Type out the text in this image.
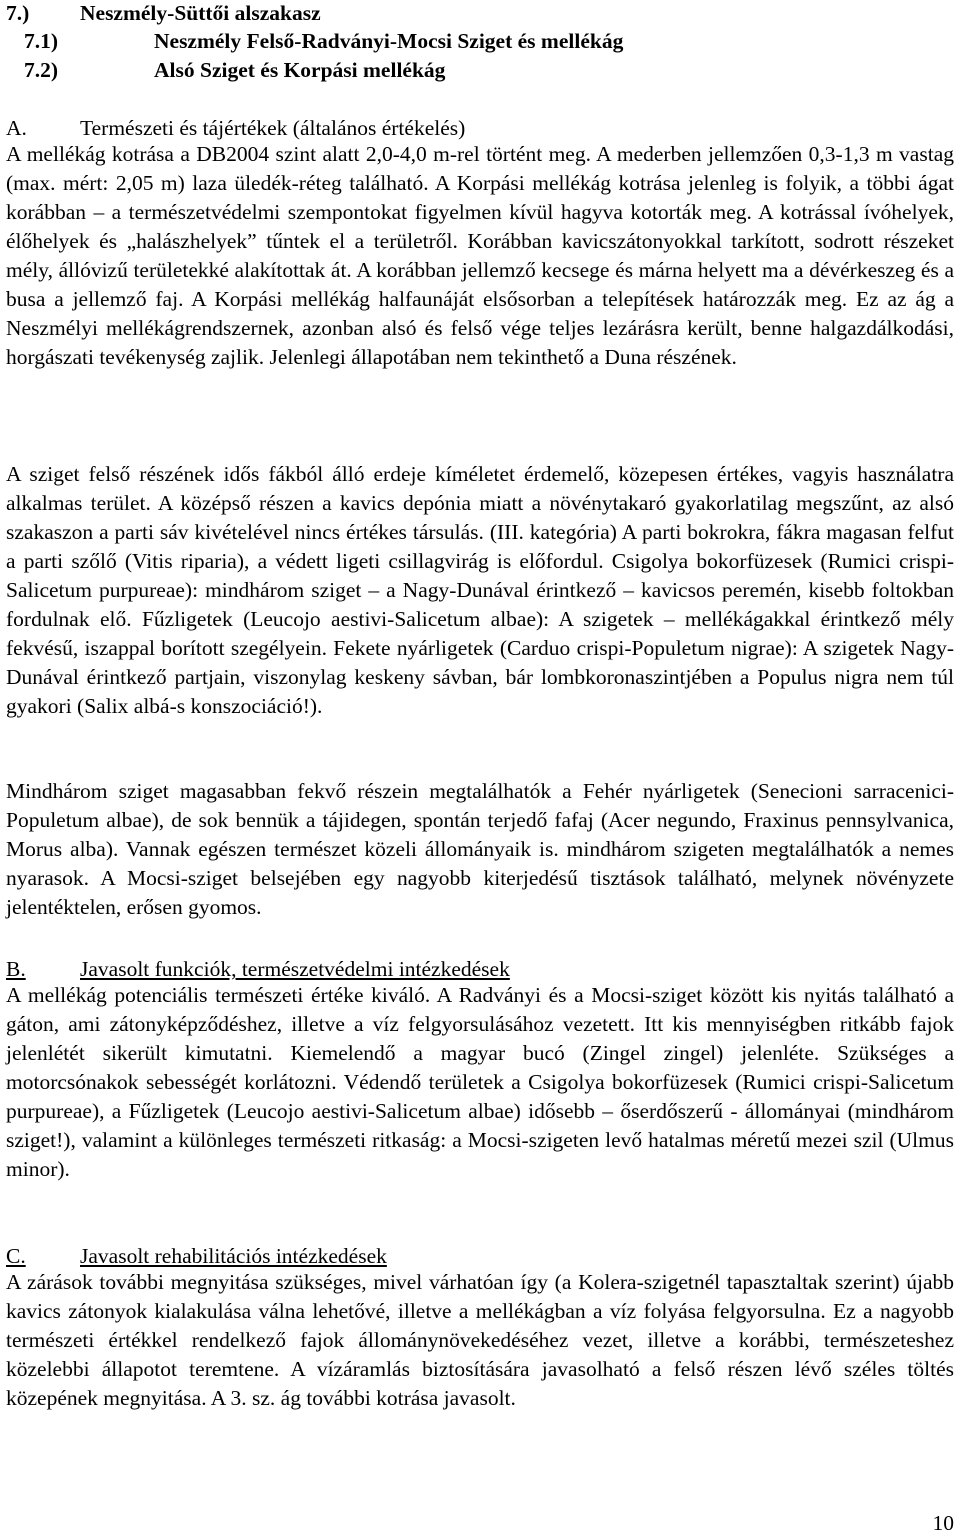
7.) Neszmély-Süttői alszakasz
7.1)	Neszmély Felső-Radványi-Mocsi Sziget és mellékág
7.2)	Alsó Sziget és Korpási mellékág
A. Természeti és tájértékek (általános értékelés)

A mellékág kotrása a DB2004 szint alatt 2,0-4,0 m-rel történt meg. A mederben jellemzően 0,3-1,3 m vastag (max. mért: 2,05 m) laza üledék-réteg található. A Korpási mellékág kotrása jelenleg is folyik, a többi ágat korábban – a természetvédelmi szempontokat figyelmen kívül hagyva kotorták meg. A kotrással ívóhelyek, élőhelyek és „halászhelyek” tűntek el a területről. Korábban kavicszátonyokkal tarkított, sodrott részeket mély, állóvizű területekké alakítottak át. A korábban jellemző kecsege és márna helyett ma a dévérkeszeg és a busa a jellemző faj. A Korpási mellékág halfaunáját elsősorban a telepítések határozzák meg. Ez az ág a Neszmélyi mellékágrendszernek, azonban alsó és felső vége teljes lezárásra került, benne halgazdálkodási, horgászati tevékenység zajlik. Jelenlegi állapotában nem tekinthető a Duna részének.

A sziget felső részének idős fákból álló erdeje kíméletet érdemelő, közepesen értékes, vagyis használatra alkalmas terület. A középső részen a kavics depónia miatt a növénytakaró gyakorlatilag megszűnt, az alsó szakaszon a parti sáv kivételével nincs értékes társulás. (III. kategória) A parti bokrokra, fákra magasan felfut a parti szőlő (Vitis riparia), a védett ligeti csillagvirág is előfordul. Csigolya bokorfüzesek (Rumici crispi-Salicetum purpureae): mindhárom sziget – a Nagy-Dunával érintkező – kavicsos peremén, kisebb foltokban fordulnak elő. Fűzligetek (Leucojo aestivi-Salicetum albae): A szigetek – mellékágakkal érintkező mély fekvésű, iszappal borított szegélyein. Fekete nyárligetek (Carduo crispi-Populetum nigrae): A szigetek Nagy-Dunával érintkező partjain, viszonylag keskeny sávban, bár lombkoronaszintjében a Populus nigra nem túl gyakori (Salix albá-s konszociáció!).

Mindhárom sziget magasabban fekvő részein megtalálhatók a Fehér nyárligetek (Senecioni sarracenici-Populetum albae), de sok bennük a tájidegen, spontán terjedő fafaj (Acer negundo, Fraxinus pennsylvanica, Morus alba). Vannak egészen természet közeli állományaik is. mindhárom szigeten megtalálhatók a nemes nyarasok. A Mocsi-sziget belsejében egy nagyobb kiterjedésű tisztások található, melynek növényzete jelentéktelen, erősen gyomos.

B.	Javasolt funkciók, természetvédelmi intézkedések

A mellékág potenciális természeti értéke kiváló. A Radványi és a Mocsi-sziget között kis nyitás található a gáton, ami zátonyképződéshez, illetve a víz felgyorsulásához vezetett. Itt kis mennyiségben ritkább fajok jelenlétét sikerült kimutatni. Kiemelendő a magyar bucó (Zingel zingel) jelenléte. Szükséges a motorcsónakok sebességét korlátozni. Védendő területek a Csigolya bokorfüzesek (Rumici crispi-Salicetum purpureae), a Fűzligetek (Leucojo aestivi-Salicetum albae) idősebb – őserdőszerű - állományai (mindhárom sziget!), valamint a különleges természeti ritkaság: a Mocsi-szigeten levő hatalmas méretű mezei szil (Ulmus minor).

C.	Javasolt rehabilitációs intézkedések

A zárások további megnyitása szükséges, mivel várhatóan így (a Kolera-szigetnél tapasztaltak szerint) újabb kavics zátonyok kialakulása válna lehetővé, illetve a mellékágban a víz folyása felgyorsulna. Ez a nagyobb természeti értékkel rendelkező fajok állománynövekedéséhez vezet, illetve a korábbi, természeteshez közelebbi állapotot teremtene. A vízáramlás biztosítására javasolható a felső részen lévő széles töltés közepének megnyitása. A 3. sz. ág további kotrása javasolt.

10
